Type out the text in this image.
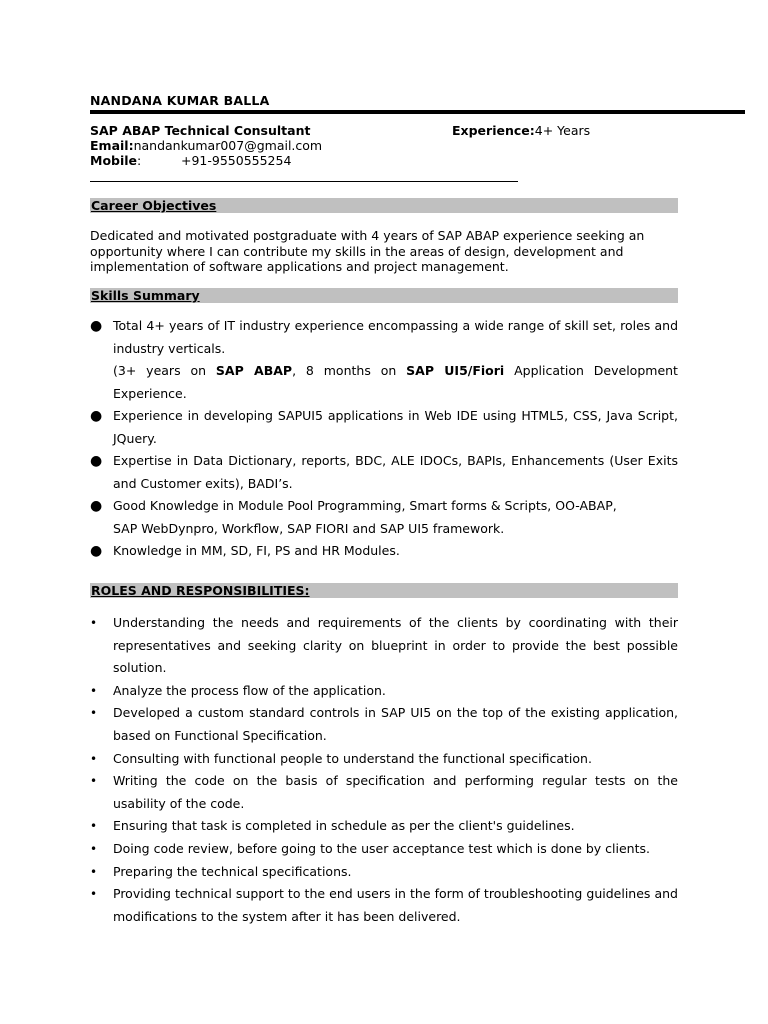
NANDANA KUMAR BALLA
SAP ABAP Technical Consultant	Experience:4+ Years
Email:nandankumar007@gmail.com
Mobile:	+91-9550555254
Career Objectives
Dedicated and motivated postgraduate with 4 years of SAP ABAP experience seeking an opportunity where I can contribute my skills in the areas of design, development and implementation of software applications and project management.
Skills Summary
● Total 4+ years of IT industry experience encompassing a wide range of skill set, roles and industry verticals.
(3+ years on SAP ABAP, 8 months on SAP UI5/Fiori Application Development Experience.
● Experience in developing SAPUI5 applications in Web IDE using HTML5, CSS, Java Script, JQuery.
● Expertise in Data Dictionary, reports, BDC, ALE IDOCs, BAPIs, Enhancements (User Exits and Customer exits), BADI’s.
● Good Knowledge in Module Pool Programming, Smart forms & Scripts, OO-ABAP,
SAP WebDynpro, Workflow, SAP FIORI and SAP UI5 framework.
● Knowledge in MM, SD, FI, PS and HR Modules.
ROLES AND RESPONSIBILITIES:
• Understanding the needs and requirements of the clients by coordinating with their representatives and seeking clarity on blueprint in order to provide the best possible solution.
• Analyze the process flow of the application.
• Developed a custom standard controls in SAP UI5 on the top of the existing application, based on Functional Specification.
• Consulting with functional people to understand the functional specification.
• Writing the code on the basis of specification and performing regular tests on the usability of the code.
• Ensuring that task is completed in schedule as per the client's guidelines.
• Doing code review, before going to the user acceptance test which is done by clients.
• Preparing the technical specifications.
• Providing technical support to the end users in the form of troubleshooting guidelines and modifications to the system after it has been delivered.
